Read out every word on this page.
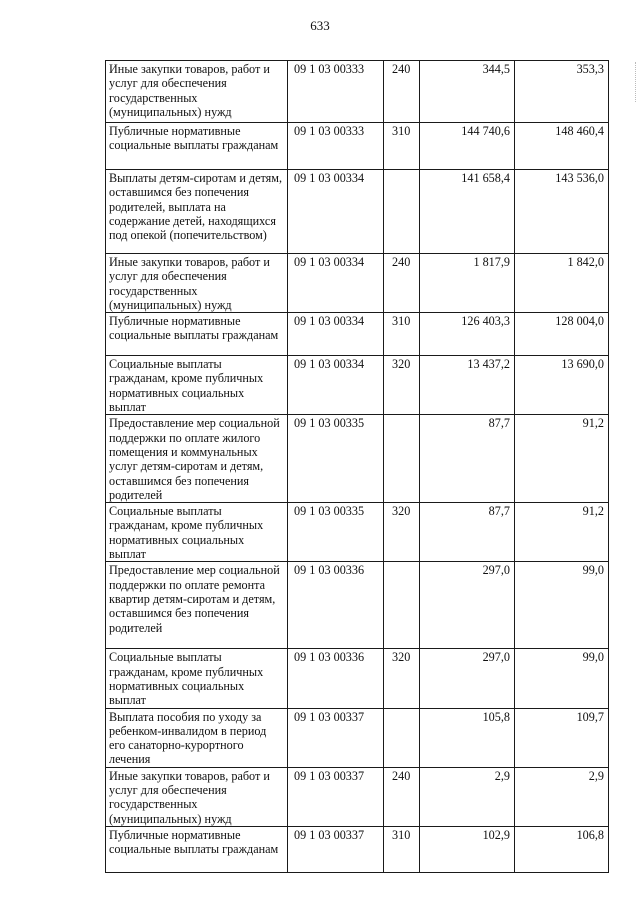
633
Иные закупки товаров, работ и услуг для обеспечения государственных (муниципальных) нужд	09 1 03 00333	240	344,5	353,3
Публичные нормативные социальные выплаты гражданам	09 1 03 00333	310	144 740,6	148 460,4
Выплаты детям-сиротам и детям, оставшимся без попечения родителей, выплата на содержание детей, находящихся под опекой (попечительством)	09 1 03 00334		141 658,4	143 536,0
Иные закупки товаров, работ и услуг для обеспечения государственных (муниципальных) нужд	09 1 03 00334	240	1 817,9	1 842,0
Публичные нормативные социальные выплаты гражданам	09 1 03 00334	310	126 403,3	128 004,0
Социальные выплаты гражданам, кроме публичных нормативных социальных выплат	09 1 03 00334	320	13 437,2	13 690,0
Предоставление мер социальной поддержки по оплате жилого помещения и коммунальных услуг детям-сиротам и детям, оставшимся без попечения родителей	09 1 03 00335		87,7	91,2
Социальные выплаты гражданам, кроме публичных нормативных социальных выплат	09 1 03 00335	320	87,7	91,2
Предоставление мер социальной поддержки по оплате ремонта квартир детям-сиротам и детям, оставшимся без попечения родителей	09 1 03 00336		297,0	99,0
Социальные выплаты гражданам, кроме публичных нормативных социальных выплат	09 1 03 00336	320	297,0	99,0
Выплата пособия по уходу за ребенком-инвалидом в период его санаторно-курортного лечения	09 1 03 00337		105,8	109,7
Иные закупки товаров, работ и услуг для обеспечения государственных (муниципальных) нужд	09 1 03 00337	240	2,9	2,9
Публичные нормативные социальные выплаты гражданам	09 1 03 00337	310	102,9	106,8
